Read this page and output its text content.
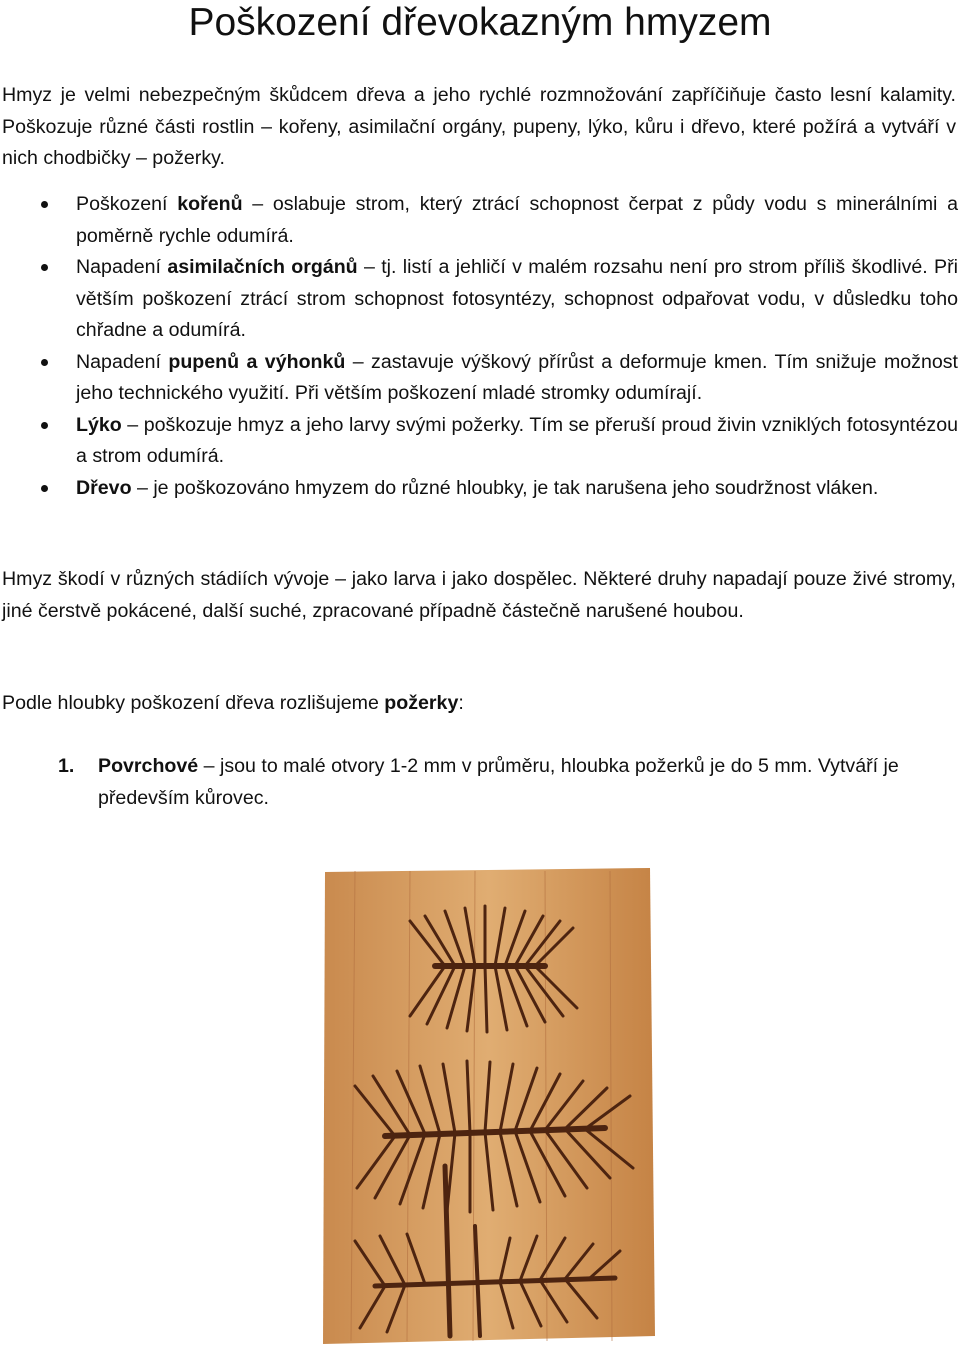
Poškození dřevokazným hmyzem

Hmyz je velmi nebezpečným škůdcem dřeva a jeho rychlé rozmnožování zapříčiňuje často lesní kalamity. Poškozuje různé části rostlin – kořeny, asimilační orgány, pupeny, lýko, kůru i dřevo, které požírá a vytváří v nich chodbičky – požerky.

Poškození kořenů – oslabuje strom, který ztrácí schopnost čerpat z půdy vodu s minerálními a poměrně rychle odumírá.
Napadení asimilačních orgánů – tj. listí a jehličí v malém rozsahu není pro strom příliš škodlivé. Při větším poškození ztrácí strom schopnost fotosyntézy, schopnost odpařovat vodu, v důsledku toho chřadne a odumírá.
Napadení pupenů a výhonků – zastavuje výškový přírůst a deformuje kmen. Tím snižuje možnost jeho technického využití. Při větším poškození mladé stromky odumírají.
Lýko – poškozuje hmyz a jeho larvy svými požerky. Tím se přeruší proud živin vzniklých fotosyntézou a strom odumírá.
Dřevo – je poškozováno hmyzem do různé hloubky, je tak narušena jeho soudržnost vláken.

Hmyz škodí v různých stádiích vývoje – jako larva i jako dospělec. Některé druhy napadají pouze živé stromy, jiné čerstvě pokácené, další suché, zpracované případně částečně narušené houbou.

Podle hloubky poškození dřeva rozlišujeme požerky:

1. Povrchové – jsou to malé otvory 1-2 mm v průměru, hloubka požerků je do 5 mm. Vytváří je především kůrovec.
